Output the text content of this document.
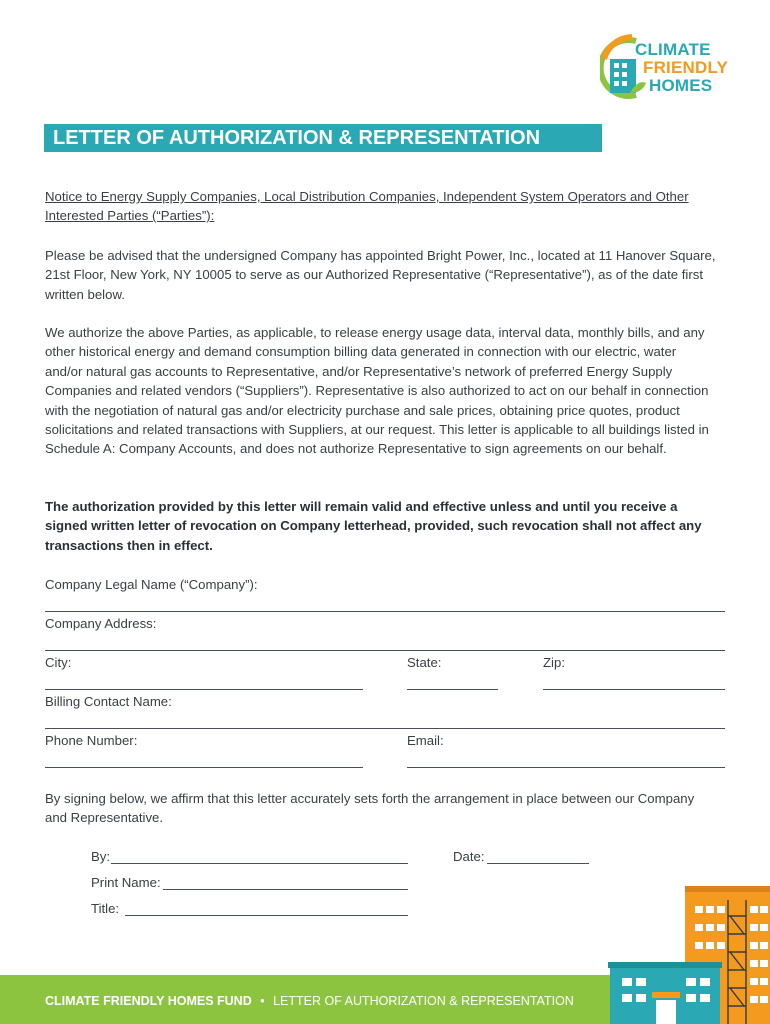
CLIMATE
FRIENDLY
HOMES
LETTER OF AUTHORIZATION & REPRESENTATION
Notice to Energy Supply Companies, Local Distribution Companies, Independent System Operators and Other Interested Parties (“Parties”):
Please be advised that the undersigned Company has appointed Bright Power, Inc., located at 11 Hanover Square, 21st Floor, New York, NY 10005 to serve as our Authorized Representative (“Representative”), as of the date first written below.
We authorize the above Parties, as applicable, to release energy usage data, interval data, monthly bills, and any other historical energy and demand consumption billing data generated in connection with our electric, water and/or natural gas accounts to Representative, and/or Representative’s network of preferred Energy Supply Companies and related vendors (“Suppliers”). Representative is also authorized to act on our behalf in connection with the negotiation of natural gas and/or electricity purchase and sale prices, obtaining price quotes, product solicitations and related transactions with Suppliers, at our request. This letter is applicable to all buildings listed in Schedule A: Company Accounts, and does not authorize Representative to sign agreements on our behalf.
The authorization provided by this letter will remain valid and effective unless and until you receive a signed written letter of revocation on Company letterhead, provided, such revocation shall not affect any transactions then in effect.
Company Legal Name (“Company”):
Company Address:
City:	State:	Zip:
Billing Contact Name:
Phone Number:	Email:
By signing below, we affirm that this letter accurately sets forth the arrangement in place between our Company and Representative.
By:	Date:
Print Name:
Title:
CLIMATE FRIENDLY HOMES FUND • LETTER OF AUTHORIZATION & REPRESENTATION
